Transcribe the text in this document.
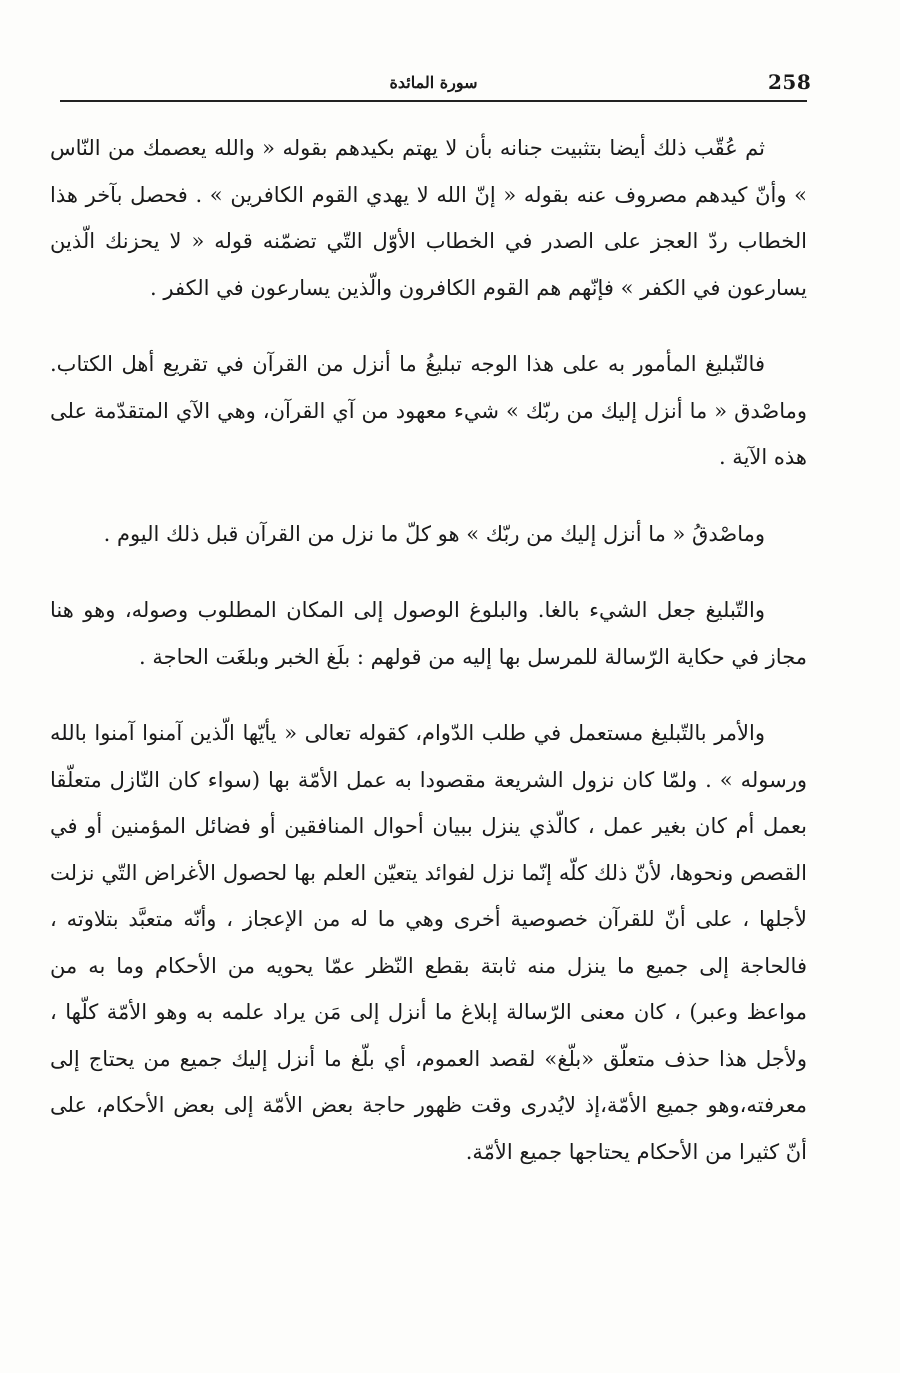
سورة المائدة	258

ثم عُقّب ذلك أيضا بتثبيت جنانه بأن لا يهتم بكيدهم بقوله « والله يعصمك من النّاس » وأنّ كيدهم مصروف عنه بقوله « إنّ الله لا يهدي القوم الكافرين » . فحصل بآخر هذا الخطاب ردّ العجز على الصدر في الخطاب الأوّل التّي تضمّنه قوله « لا يحزنك الّذين يسارعون في الكفر » فإنّهم هم القوم الكافرون والّذين يسارعون في الكفر .

فالتّبليغ المأمور به على هذا الوجه تبليغُ ما أنزل من القرآن في تقريع أهل الكتاب. وماصْدق « ما أنزل إليك من ربّك » شيء معهود من آي القرآن، وهي الآي المتقدّمة على هذه الآية .

وماصْدقُ « ما أنزل إليك من ربّك » هو كلّ ما نزل من القرآن قبل ذلك اليوم .

والتّبليغ جعل الشيء بالغا. والبلوغ الوصول إلى المكان المطلوب وصوله، وهو هنا مجاز في حكاية الرّسالة للمرسل بها إليه من قولهم : بلَغ الخبر وبلغَت الحاجة .

والأمر بالتّبليغ مستعمل في طلب الدّوام، كقوله تعالى « يأيّها الّذين آمنوا آمنوا بالله ورسوله » . ولمّا كان نزول الشريعة مقصودا به عمل الأمّة بها (سواء كان النّازل متعلّقا بعمل أم كان بغير عمل ، كالّذي ينزل ببيان أحوال المنافقين أو فضائل المؤمنين أو في القصص ونحوها، لأنّ ذلك كلّه إنّما نزل لفوائد يتعيّن العلم بها لحصول الأغراض التّي نزلت لأجلها ، على أنّ للقرآن خصوصية أخرى وهي ما له من الإعجاز ، وأنّه متعبَّد بتلاوته ، فالحاجة إلى جميع ما ينزل منه ثابتة بقطع النّظر عمّا يحويه من الأحكام وما به من مواعظ وعبر) ، كان معنى الرّسالة إبلاغ ما أنزل إلى مَن يراد علمه به وهو الأمّة كلّها ، ولأجل هذا حذف متعلّق «بلّغ» لقصد العموم، أي بلّغ ما أنزل إليك جميع من يحتاج إلى معرفته،وهو جميع الأمّة،إذ لايُدرى وقت ظهور حاجة بعض الأمّة إلى بعض الأحكام، على أنّ كثيرا من الأحكام يحتاجها جميع الأمّة.
